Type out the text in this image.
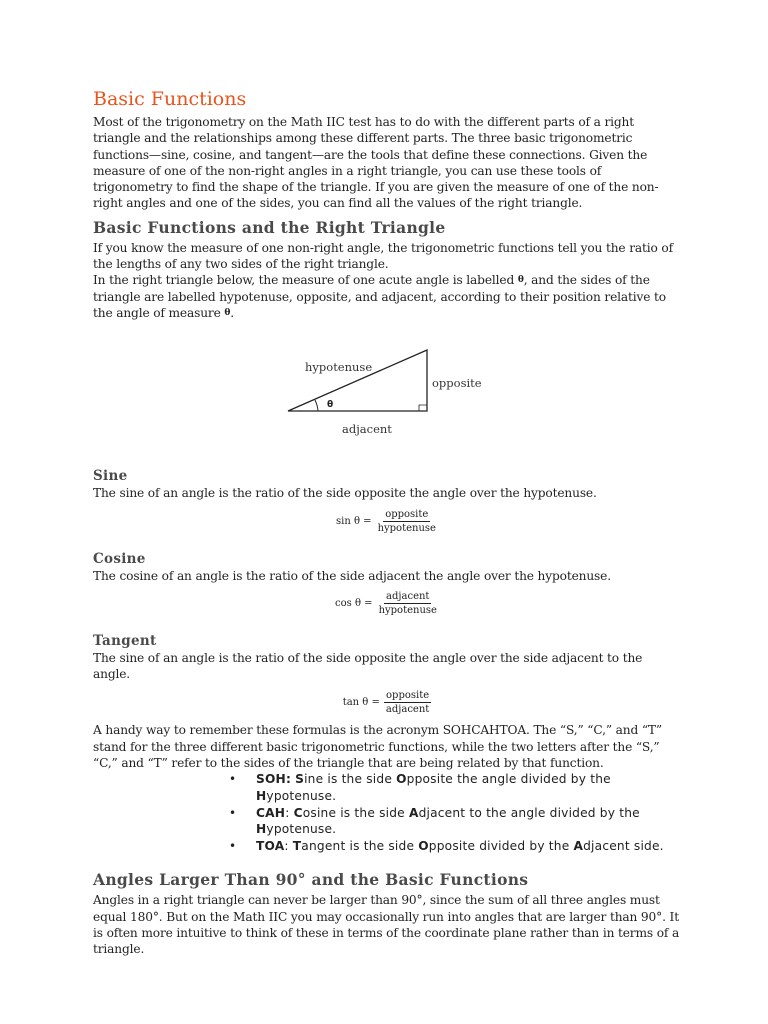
Basic Functions

Most of the trigonometry on the Math IIC test has to do with the different parts of a right triangle and the relationships among these different parts. The three basic trigonometric functions—sine, cosine, and tangent—are the tools that define these connections. Given the measure of one of the non-right angles in a right triangle, you can use these tools of trigonometry to find the shape of the triangle. If you are given the measure of one of the non-right angles and one of the sides, you can find all the values of the right triangle.

Basic Functions and the Right Triangle

If you know the measure of one non-right angle, the trigonometric functions tell you the ratio of the lengths of any two sides of the right triangle.

In the right triangle below, the measure of one acute angle is labelled θ, and the sides of the triangle are labelled hypotenuse, opposite, and adjacent, according to their position relative to the angle of measure θ.

hypotenuse
opposite
adjacent
θ
Sine

The sine of an angle is the ratio of the side opposite the angle over the hypotenuse.

$\sin \theta = \frac{\text{opposite}}{\text{hypotenuse}}$
Cosine

The cosine of an angle is the ratio of the side adjacent the angle over the hypotenuse.

$\cos \theta = \frac{\text{adjacent}}{\text{hypotenuse}}$
Tangent

The sine of an angle is the ratio of the side opposite the angle over the side adjacent to the angle.

$\tan \theta = \frac{\text{opposite}}{\text{adjacent}}$

A handy way to remember these formulas is the acronym SOHCAHTOA. The “S,” “C,” and “T” stand for the three different basic trigonometric functions, while the two letters after the “S,” “C,” and “T” refer to the sides of the triangle that are being related by that function.

• SOH: Sine is the side Opposite the angle divided by the Hypotenuse.
• CAH: Cosine is the side Adjacent to the angle divided by the Hypotenuse.
• TOA: Tangent is the side Opposite divided by the Adjacent side.
Angles Larger Than 90° and the Basic Functions

Angles in a right triangle can never be larger than 90°, since the sum of all three angles must equal 180°. But on the Math IIC you may occasionally run into angles that are larger than 90°. It is often more intuitive to think of these in terms of the coordinate plane rather than in terms of a triangle.
